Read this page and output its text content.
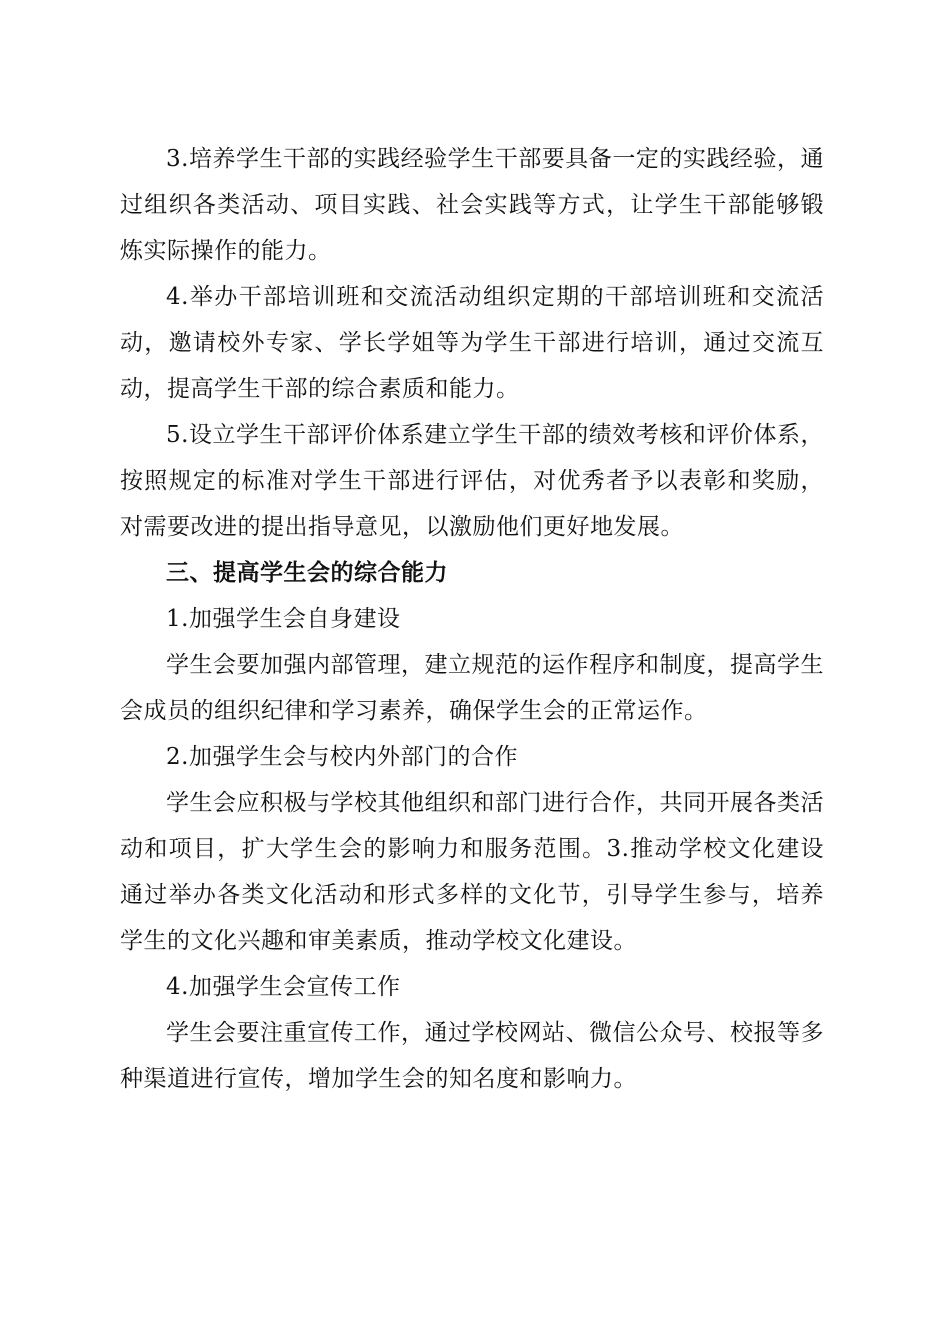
3.培养学生干部的实践经验学生干部要具备一定的实践经验，通过组织各类活动、项目实践、社会实践等方式，让学生干部能够锻炼实际操作的能力。

4.举办干部培训班和交流活动组织定期的干部培训班和交流活动，邀请校外专家、学长学姐等为学生干部进行培训，通过交流互动，提高学生干部的综合素质和能力。

5.设立学生干部评价体系建立学生干部的绩效考核和评价体系，按照规定的标准对学生干部进行评估，对优秀者予以表彰和奖励，对需要改进的提出指导意见，以激励他们更好地发展。

三、提高学生会的综合能力

1.加强学生会自身建设

学生会要加强内部管理，建立规范的运作程序和制度，提高学生会成员的组织纪律和学习素养，确保学生会的正常运作。

2.加强学生会与校内外部门的合作

学生会应积极与学校其他组织和部门进行合作，共同开展各类活动和项目，扩大学生会的影响力和服务范围。3.推动学校文化建设通过举办各类文化活动和形式多样的文化节，引导学生参与，培养学生的文化兴趣和审美素质，推动学校文化建设。

4.加强学生会宣传工作

学生会要注重宣传工作，通过学校网站、微信公众号、校报等多种渠道进行宣传，增加学生会的知名度和影响力。
